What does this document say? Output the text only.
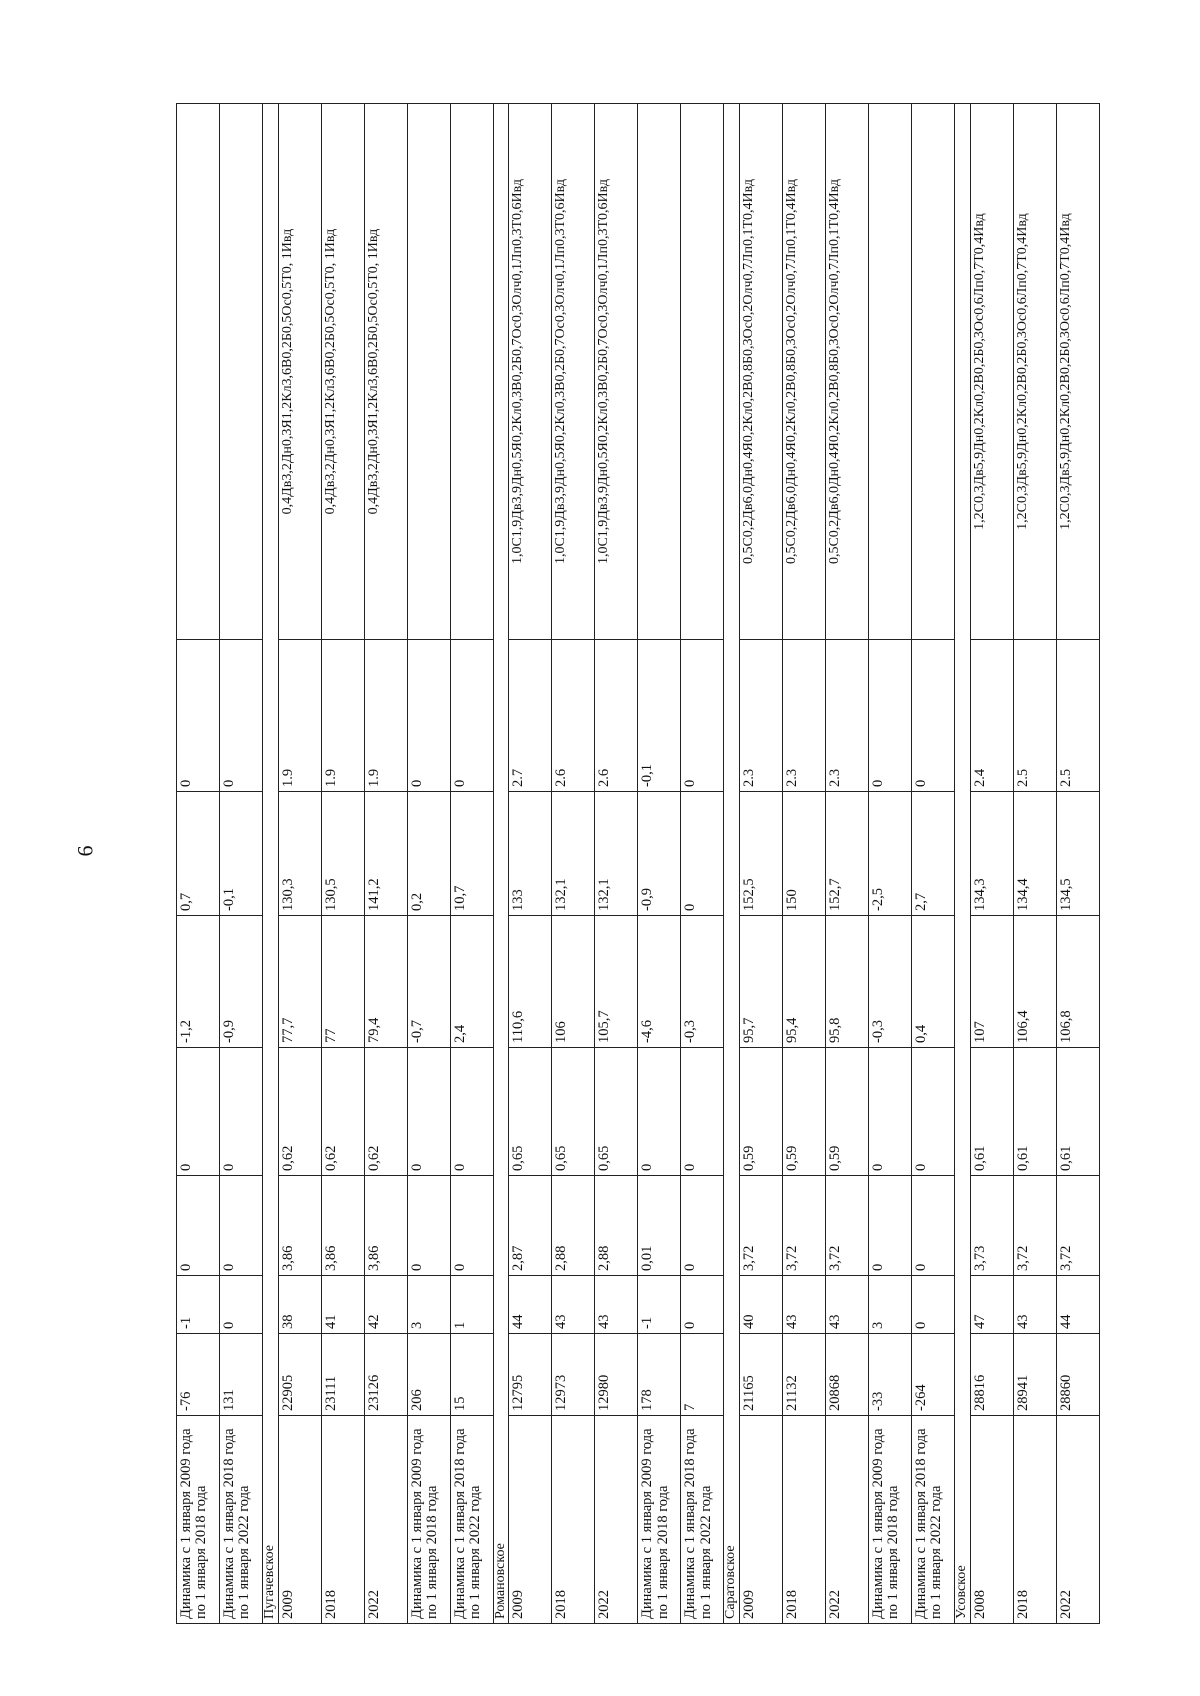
6
Динамика с 1 января 2009 года по 1 января 2018 года	-76	-1	0	0	-1,2	0,7	0	
Динамика с 1 января 2018 года по 1 января 2022 года	131	0	0	0	-0,9	-0,1	0	
Пугачевское								
2009	22905	38	3,86	0,62	77,7	130,3	1.9	0,4Дв3,2Дн0,3Я1,2Кл3,6В0,2Б0,5Ос0,5Т0, 1Ивд
2018	23111	41	3,86	0,62	77	130,5	1.9	0,4Дв3,2Дн0,3Я1,2Кл3,6В0,2Б0,5Ос0,5Т0, 1Ивд
2022	23126	42	3,86	0,62	79,4	141,2	1.9	0,4Дв3,2Дн0,3Я1,2Кл3,6В0,2Б0,5Ос0,5Т0, 1Ивд
Динамика с 1 января 2009 года по 1 января 2018 года	206	3	0	0	-0,7	0,2	0	
Динамика с 1 января 2018 года по 1 января 2022 года	15	1	0	0	2,4	10,7	0	
Романовское								
2009	12795	44	2,87	0,65	110,6	133	2.7	1,0С1,9Дв3,9Дн0,5Я0,2Кл0,3В0,2Б0,7Ос0,3Олч0,1Лп0,3Т0,6Ивд
2018	12973	43	2,88	0,65	106	132,1	2.6	1,0С1,9Дв3,9Дн0,5Я0,2Кл0,3В0,2Б0,7Ос0,3Олч0,1Лп0,3Т0,6Ивд
2022	12980	43	2,88	0,65	105,7	132,1	2.6	1,0С1,9Дв3,9Дн0,5Я0,2Кл0,3В0,2Б0,7Ос0,3Олч0,1Лп0,3Т0,6Ивд
Динамика с 1 января 2009 года по 1 января 2018 года	178	-1	0,01	0	-4,6	-0,9	-0,1	
Динамика с 1 января 2018 года по 1 января 2022 года	7	0	0	0	-0,3	0	0	
Саратовское								
2009	21165	40	3,72	0,59	95,7	152,5	2.3	0,5С0,2Дв6,0Дн0,4Я0,2Кл0,2В0,8Б0,3Ос0,2Олч0,7Лп0,1Т0,4Ивд
2018	21132	43	3,72	0,59	95,4	150	2.3	0,5С0,2Дв6,0Дн0,4Я0,2Кл0,2В0,8Б0,3Ос0,2Олч0,7Лп0,1Т0,4Ивд
2022	20868	43	3,72	0,59	95,8	152,7	2.3	0,5С0,2Дв6,0Дн0,4Я0,2Кл0,2В0,8Б0,3Ос0,2Олч0,7Лп0,1Т0,4Ивд
Динамика с 1 января 2009 года по 1 января 2018 года	-33	3	0	0	-0,3	-2,5	0	
Динамика с 1 января 2018 года по 1 января 2022 года	-264	0	0	0	0,4	2,7	0	
Усовское								
2008	28816	47	3,73	0,61	107	134,3	2.4	1,2С0,3Дв5,9Дн0,2Кл0,2В0,2Б0,3Ос0,6Лп0,7Т0,4Ивд
2018	28941	43	3,72	0,61	106,4	134,4	2.5	1,2С0,3Дв5,9Дн0,2Кл0,2В0,2Б0,3Ос0,6Лп0,7Т0,4Ивд
2022	28860	44	3,72	0,61	106,8	134,5	2.5	1,2С0,3Дв5,9Дн0,2Кл0,2В0,2Б0,3Ос0,6Лп0,7Т0,4Ивд
